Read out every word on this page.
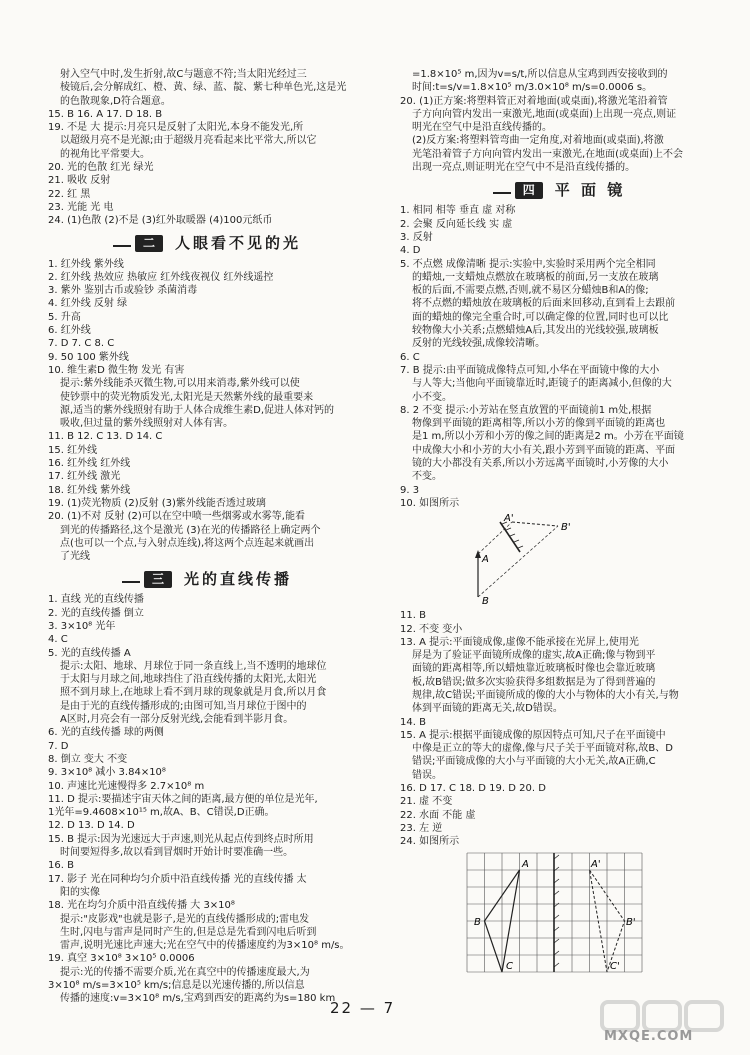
射入空气中时,发生折射,故C与题意不符;当太阳光经过三
棱镜后,会分解成红、橙、黄、绿、蓝、靛、紫七种单色光,这是光
的色散现象,D符合题意。
15. B 16. A 17. D 18. B
19. 不是 大 提示:月亮只是反射了太阳光,本身不能发光,所
以超级月亮不是光源;由于超级月亮看起来比平常大,所以它
的视角比平常要大。
20. 光的色散 红光 绿光
21. 吸收 反射
22. 红 黑
23. 光能 光 电
24. (1)色散 (2)不是 (3)红外取暖器 (4)100元纸币
二	人眼看不见的光
1. 红外线 紫外线
2. 红外线 热效应 热敏应 红外线夜视仪 红外线遥控
3. 紫外 鉴别古币或验钞 杀菌消毒
4. 红外线 反射 绿
5. 升高
6. 红外线
7. D 7. C 8. C
9. 50 100 紫外线
10. 维生素D 微生物 发光 有害
提示:紫外线能杀灭微生物,可以用来消毒,紫外线可以使
使钞票中的荧光物质发光,太阳光是天然紫外线的最重要来
源,适当的紫外线照射有助于人体合成维生素D,促进人体对钙的
吸收,但过量的紫外线照射对人体有害。
11. B 12. C 13. D 14. C
15. 红外线
16. 红外线 红外线
17. 红外线 激光
18. 红外线 紫外线
19. (1)荧光物质 (2)反射 (3)紫外线能否透过玻璃
20. (1)不对 反射 (2)可以在空中喷一些烟雾或水雾等,能看
到光的传播路径,这个是激光 (3)在光的传播路径上确定两个
点(也可以一个点,与入射点连线),将这两个点连起来就画出
了光线
三	光的直线传播
1. 直线 光的直线传播
2. 光的直线传播 倒立
3. 3×10⁸ 光年
4. C
5. 光的直线传播 A
提示:太阳、地球、月球位于同一条直线上,当不透明的地球位
于太阳与月球之间,地球挡住了沿直线传播的太阳光,太阳光
照不到月球上,在地球上看不到月球的现象就是月食,所以月食
是由于光的直线传播形成的;由图可知,当月球位于图中的
A区时,月亮会有一部分反射光线,会能看到半影月食。
6. 光的直线传播 球的两侧
7. D
8. 倒立 变大 不变
9. 3×10⁸ 减小 3.84×10⁸
10. 声速比光速慢得多 2.7×10⁸ m
11. D 提示:要描述宇宙天体之间的距离,最方便的单位是光年,
1光年=9.4608×10¹⁵ m,故A、B、C错误,D正确。
12. D 13. D 14. D
15. B 提示:因为光速远大于声速,则光从起点传到终点时所用
时间要短得多,故以看到冒烟时开始计时要准确一些。
16. B
17. 影子 光在同种均匀介质中沿直线传播 光的直线传播 太
阳的实像
18. 光在均匀介质中沿直线传播 大 3×10⁸
提示:"皮影戏"也就是影子,是光的直线传播形成的;雷电发
生时,闪电与雷声是同时产生的,但是总是先看到闪电后听到
雷声,说明光速比声速大;光在空气中的传播速度约为3×10⁸ m/s。
19. 真空 3×10⁸ 3×10⁵ 0.0006
提示:光的传播不需要介质,光在真空中的传播速度最大,为
3×10⁸ m/s=3×10⁵ km/s;信息是以光速传播的,所以信息
传播的速度:v=3×10⁸ m/s,宝鸡到西安的距离约为s=180 km
=1.8×10⁵ m,因为v=s/t,所以信息从宝鸡到西安接收到的
时间:t=s/v=1.8×10⁵ m/3.0×10⁸ m/s=0.0006 s。
20. (1)正方案:将塑料管正对着地面(或桌面),将激光笔沿着管
子方向向管内发出一束激光,地面(或桌面)上出现一亮点,则证
明光在空气中是沿直线传播的。
(2)反方案:将塑料管弯曲一定角度,对着地面(或桌面),将激
光笔沿着管子方向向管内发出一束激光,在地面(或桌面)上不会
出现一亮点,则证明光在空气中不是沿直线传播的。
四	平 面 镜
1. 相同 相等 垂直 虚 对称
2. 会聚 反向延长线 实 虚
3. 反射
4. D
5. 不点燃 成像清晰 提示:实验中,实验时采用两个完全相同
的蜡烛,一支蜡烛点燃放在玻璃板的前面,另一支放在玻璃
板的后面,不需要点燃,否则,就不易区分蜡烛B和A的像;
将不点燃的蜡烛放在玻璃板的后面来回移动,直到看上去跟前
面的蜡烛的像完全重合时,可以确定像的位置,同时也可以比
较物像大小关系;点燃蜡烛A后,其发出的光线较强,玻璃板
反射的光线较强,成像较清晰。
6. C
7. B 提示:由平面镜成像特点可知,小华在平面镜中像的大小
与人等大;当他向平面镜靠近时,距镜子的距离减小,但像的大
小不变。
8. 2 不变 提示:小芳站在竖直放置的平面镜前1 m处,根据
物像到平面镜的距离相等,所以小芳的像到平面镜的距离也
是1 m,所以小芳和小芳的像之间的距离是2 m。小芳在平面镜
中成像大小和小芳的大小有关,跟小芳到平面镜的距离、平面
镜的大小都没有关系,所以小芳远离平面镜时,小芳像的大小
不变。
9. 3
10. 如图所示
A
B
A'
B'
11. B
12. 不变 变小
13. A 提示:平面镜成像,虚像不能承接在光屏上,使用光
屏是为了验证平面镜所成像的虚实,故A正确;像与物到平
面镜的距离相等,所以蜡烛靠近玻璃板时像也会靠近玻璃
板,故B错误;做多次实验获得多组数据是为了得到普遍的
规律,故C错误;平面镜所成的像的大小与物体的大小有关,与物
体到平面镜的距离无关,故D错误。
14. B
15. A 提示:根据平面镜成像的原因特点可知,尺子在平面镜中
中像是正立的等大的虚像,像与尺子关于平面镜对称,故B、D
错误;平面镜成像的大小与平面镜的大小无关,故A正确,C
错误。
16. D 17. C 18. D 19. D 20. D
21. 虚 不变
22. 水面 不能 虚
23. 左 逆
24. 如图所示
A
B
C
A'
B'
C'
22 — 7
MXQE.COM
